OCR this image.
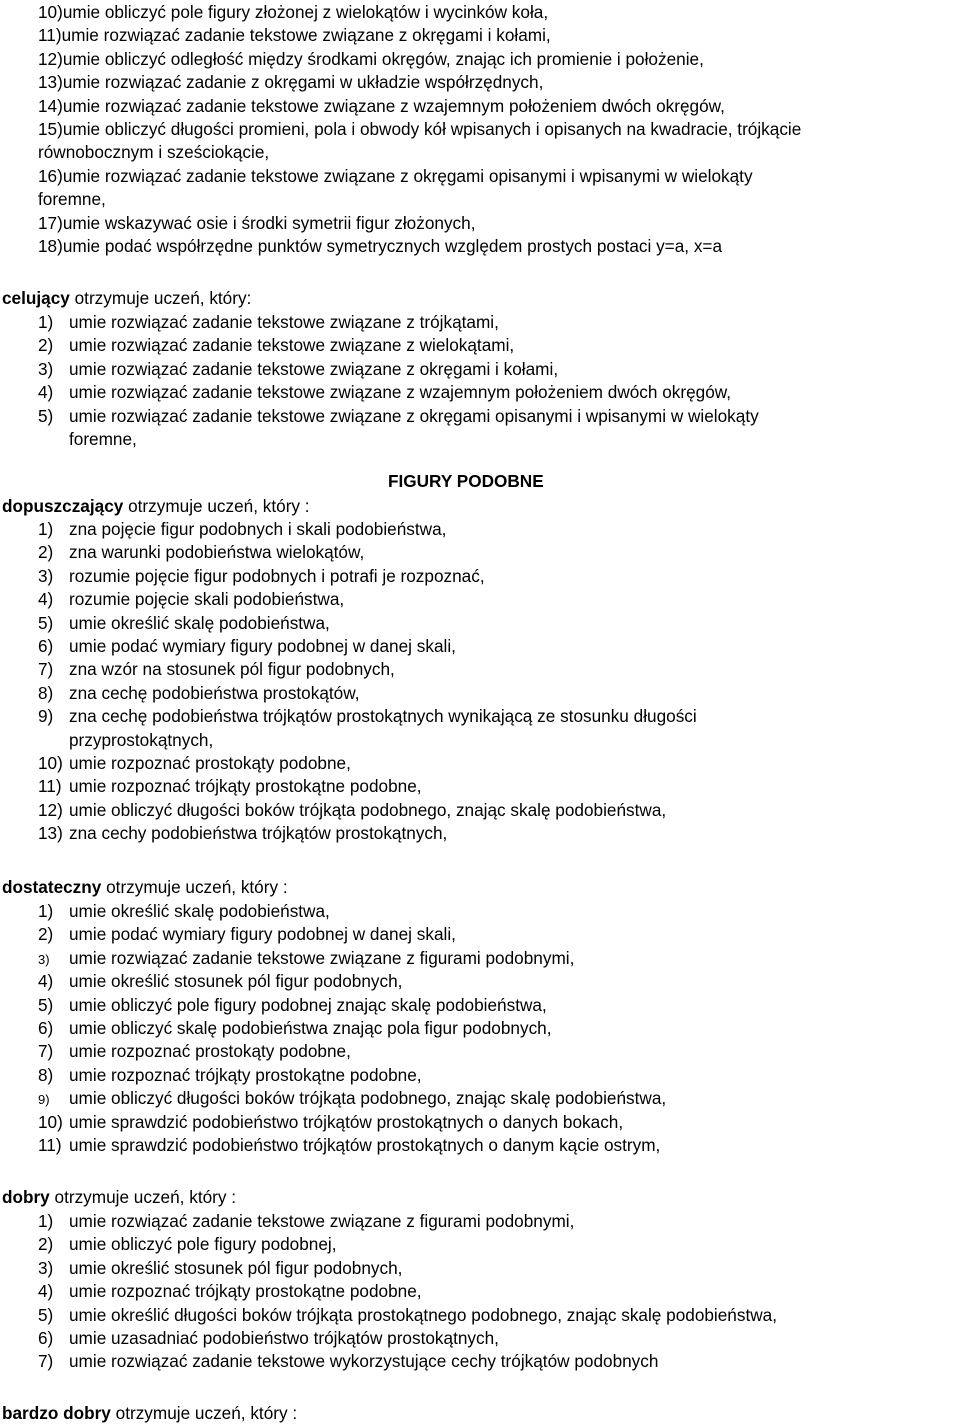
10)umie obliczyć pole figury złożonej z wielokątów i wycinków koła,
11)umie rozwiązać zadanie tekstowe związane z okręgami i kołami,
12)umie obliczyć odległość między środkami okręgów, znając ich promienie i położenie,
13)umie rozwiązać zadanie z okręgami w układzie współrzędnych,
14)umie rozwiązać zadanie tekstowe związane z wzajemnym położeniem dwóch okręgów,
15)umie obliczyć długości promieni, pola i obwody kół wpisanych i opisanych na kwadracie, trójkącie
równobocznym i sześciokącie,
16)umie rozwiązać zadanie tekstowe związane z okręgami opisanymi i wpisanymi w wielokąty
foremne,
17)umie wskazywać osie i środki symetrii figur złożonych,
18)umie podać współrzędne punktów symetrycznych względem prostych postaci y=a, x=a
celujący otrzymuje uczeń, który:
1) umie rozwiązać zadanie tekstowe związane z trójkątami,
2) umie rozwiązać zadanie tekstowe związane z wielokątami,
3) umie rozwiązać zadanie tekstowe związane z okręgami i kołami,
4) umie rozwiązać zadanie tekstowe związane z wzajemnym położeniem dwóch okręgów,
5) umie rozwiązać zadanie tekstowe związane z okręgami opisanymi i wpisanymi w wielokąty
foremne,
FIGURY PODOBNE
dopuszczający otrzymuje uczeń, który :
1) zna pojęcie figur podobnych i skali podobieństwa,
2) zna warunki podobieństwa wielokątów,
3) rozumie pojęcie figur podobnych i potrafi je rozpoznać,
4) rozumie pojęcie skali podobieństwa,
5) umie określić skalę podobieństwa,
6) umie podać wymiary figury podobnej w danej skali,
7) zna wzór na stosunek pól figur podobnych,
8) zna cechę podobieństwa prostokątów,
9) zna cechę podobieństwa trójkątów prostokątnych wynikającą ze stosunku długości
przyprostokątnych,
10) umie rozpoznać prostokąty podobne,
11) umie rozpoznać trójkąty prostokątne podobne,
12) umie obliczyć długości boków trójkąta podobnego, znając skalę podobieństwa,
13) zna cechy podobieństwa trójkątów prostokątnych,
dostateczny otrzymuje uczeń, który :
1) umie określić skalę podobieństwa,
2) umie podać wymiary figury podobnej w danej skali,
3) umie rozwiązać zadanie tekstowe związane z figurami podobnymi,
4) umie określić stosunek pól figur podobnych,
5) umie obliczyć pole figury podobnej znając skalę podobieństwa,
6) umie obliczyć skalę podobieństwa znając pola figur podobnych,
7) umie rozpoznać prostokąty podobne,
8) umie rozpoznać trójkąty prostokątne podobne,
9) umie obliczyć długości boków trójkąta podobnego, znając skalę podobieństwa,
10) umie sprawdzić podobieństwo trójkątów prostokątnych o danych bokach,
11) umie sprawdzić podobieństwo trójkątów prostokątnych o danym kącie ostrym,
dobry otrzymuje uczeń, który :
1) umie rozwiązać zadanie tekstowe związane z figurami podobnymi,
2) umie obliczyć pole figury podobnej,
3) umie określić stosunek pól figur podobnych,
4) umie rozpoznać trójkąty prostokątne podobne,
5) umie określić długości boków trójkąta prostokątnego podobnego, znając skalę podobieństwa,
6) umie uzasadniać podobieństwo trójkątów prostokątnych,
7) umie rozwiązać zadanie tekstowe wykorzystujące cechy trójkątów podobnych
bardzo dobry otrzymuje uczeń, który :
